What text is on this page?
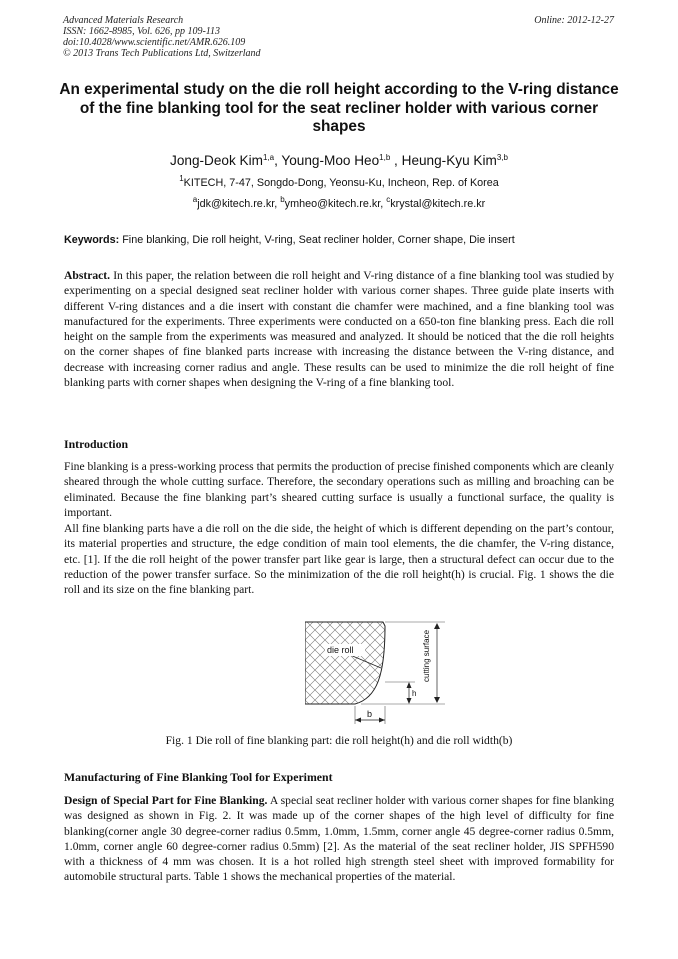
Advanced Materials Research
ISSN: 1662-8985, Vol. 626, pp 109-113
doi:10.4028/www.scientific.net/AMR.626.109
© 2013 Trans Tech Publications Ltd, Switzerland
Online: 2012-12-27
An experimental study on the die roll height according to the V-ring distance of the fine blanking tool for the seat recliner holder with various corner shapes
Jong-Deok Kim$^{1,a}$, Young-Moo Heo$^{1,b}$ , Heung-Kyu Kim$^{3,b}$
$^1$KITECH, 7-47, Songdo-Dong, Yeonsu-Ku, Incheon, Rep. of Korea
$^a$jdk@kitech.re.kr, $^b$ymheo@kitech.re.kr, $^c$krystal@kitech.re.kr
Keywords: Fine blanking, Die roll height, V-ring, Seat recliner holder, Corner shape, Die insert

Abstract. In this paper, the relation between die roll height and V-ring distance of a fine blanking tool was studied by experimenting on a special designed seat recliner holder with various corner shapes. Three guide plate inserts with different V-ring distances and a die insert with constant die chamfer were machined, and a fine blanking tool was manufactured for the experiments. Three experiments were conducted on a 650-ton fine blanking press. Each die roll height on the sample from the experiments was measured and analyzed. It should be noticed that the die roll heights on the corner shapes of fine blanked parts increase with increasing the distance between the V-ring distance, and decrease with increasing corner radius and angle. These results can be used to minimize the die roll height of fine blanking parts with corner shapes when designing the V-ring of a fine blanking tool.

Introduction

Fine blanking is a press-working process that permits the production of precise finished components which are cleanly sheared through the whole cutting surface. Therefore, the secondary operations such as milling and broaching can be eliminated. Because the fine blanking part’s sheared cutting surface is usually a functional surface, the quality is important.

All fine blanking parts have a die roll on the die side, the height of which is different depending on the part’s contour, its material properties and structure, the edge condition of main tool elements, the die chamfer, the V-ring distance, etc. [1]. If the die roll height of the power transfer part like gear is large, then a structural defect can occur due to the reduction of the power transfer surface. So the minimization of the die roll height(h) is crucial. Fig. 1 shows the die roll and its size on the fine blanking part.

die roll	cutting surface
h
b
Fig. 1 Die roll of fine blanking part: die roll height(h) and die roll width(b)
Manufacturing of Fine Blanking Tool for Experiment

Design of Special Part for Fine Blanking. A special seat recliner holder with various corner shapes for fine blanking was designed as shown in Fig. 2. It was made up of the corner shapes of the high level of difficulty for fine blanking(corner angle 30 degree-corner radius 0.5mm, 1.0mm, 1.5mm, corner angle 45 degree-corner radius 0.5mm, 1.0mm, corner angle 60 degree-corner radius 0.5mm) [2]. As the material of the seat recliner holder, JIS SPFH590 with a thickness of 4 mm was chosen. It is a hot rolled high strength steel sheet with improved formability for automobile structural parts. Table 1 shows the mechanical properties of the material.
